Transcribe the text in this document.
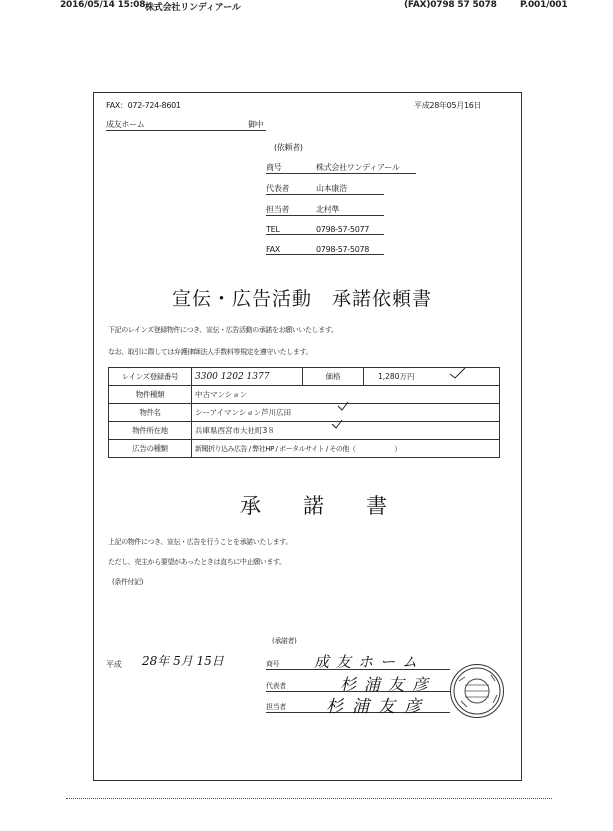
2016/05/14 15:08 株式会社リンディアール	(FAX)0798 57 5078	P.001/001
FAX：072-724-8601	平成28年05月16日
成友ホーム	御中
(依頼者)
商号	株式会社ワンディアール
代表者	山本康浩
担当者	北村準
TEL	0798-57-5077
FAX	0798-57-5078
宣伝・広告活動　承諾依頼書
下記のレインズ登録物件につき、宣伝・広告活動の承諾をお願いいたします。
なお、取引に際しては弁護律師法人手数料等規定を遵守いたします。
レインズ登録番号	3300 1202 1377	価格	1,280万円
物件種類	中古マンション		
物件名	シーアイマンション芦川広田		
物件所在地	兵庫県西宮市大社町3８		
広告の種類	新聞折り込み広告 / 弊社HP / ポータルサイト / その他（　　　　　　）		
承　　諾　　書
上記の物件につき、宣伝・広告を行うことを承諾いたします。
ただし、売主から要望があったときは直ちに中止願います。
(条件付記)
(承諾者)
平成 28年 5月 15日	商号 成友ホーム
代表者	杉浦友彦
担当者 杉浦友彦
